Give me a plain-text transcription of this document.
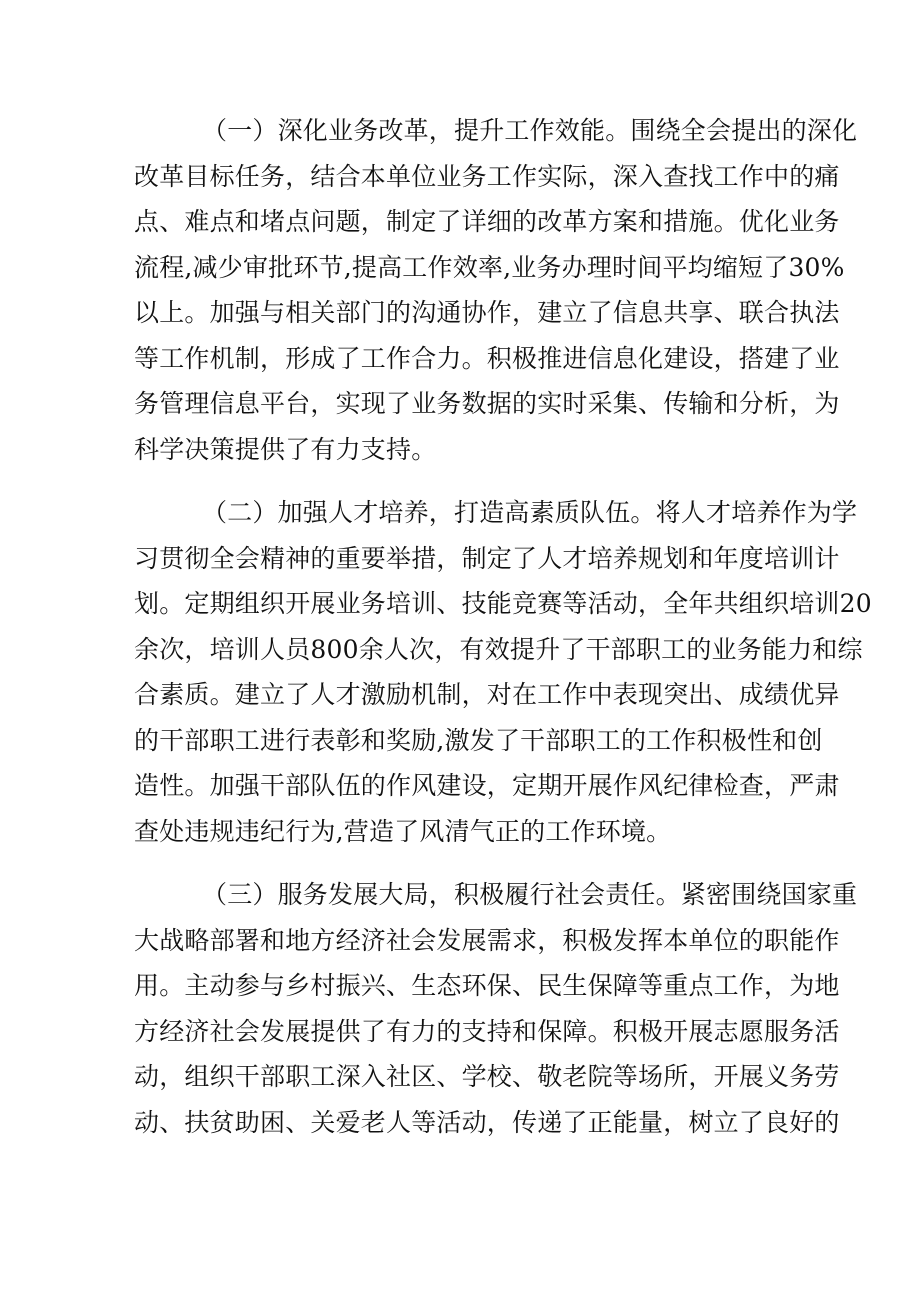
（一）深化业务改革，提升工作效能。围绕全会提出的深化
改革目标任务，结合本单位业务工作实际，深入查找工作中的痛
点、难点和堵点问题，制定了详细的改革方案和措施。优化业务
流程,减少审批环节,提高工作效率,业务办理时间平均缩短了30%
以上。加强与相关部门的沟通协作，建立了信息共享、联合执法
等工作机制，形成了工作合力。积极推进信息化建设，搭建了业
务管理信息平台，实现了业务数据的实时采集、传输和分析，为
科学决策提供了有力支持。
（二）加强人才培养，打造高素质队伍。将人才培养作为学
习贯彻全会精神的重要举措，制定了人才培养规划和年度培训计
划。定期组织开展业务培训、技能竞赛等活动，全年共组织培训20
余次，培训人员800余人次，有效提升了干部职工的业务能力和综
合素质。建立了人才激励机制，对在工作中表现突出、成绩优异
的干部职工进行表彰和奖励,激发了干部职工的工作积极性和创
造性。加强干部队伍的作风建设，定期开展作风纪律检查，严肃
查处违规违纪行为,营造了风清气正的工作环境。
（三）服务发展大局，积极履行社会责任。紧密围绕国家重
大战略部署和地方经济社会发展需求，积极发挥本单位的职能作
用。主动参与乡村振兴、生态环保、民生保障等重点工作，为地
方经济社会发展提供了有力的支持和保障。积极开展志愿服务活
动，组织干部职工深入社区、学校、敬老院等场所，开展义务劳
动、扶贫助困、关爱老人等活动，传递了正能量，树立了良好的
